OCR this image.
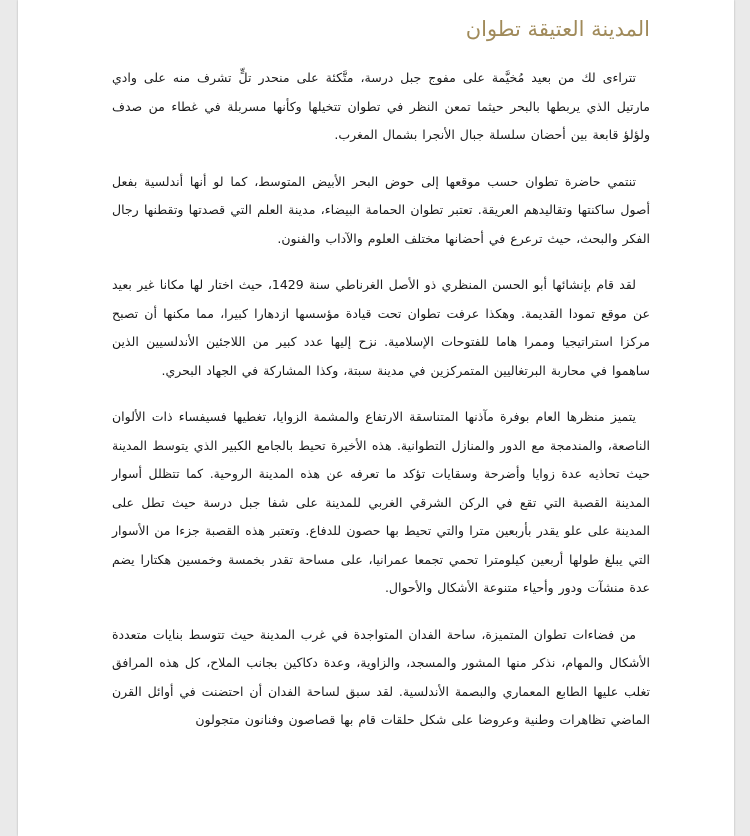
المدينة العتيقة تطوان

تتراءى لك من بعيد مُخيَّمة على مفوج جبل درسة، متَّكئة على منحدر تلٍّ تشرف منه على وادي مارتيل الذي يربطها بالبحر حيثما تمعن النظر في تطوان تتخيلها وكأنها مسربلة في غطاء من صدف ولؤلؤ قابعة بين أحضان سلسلة جبال الأنجرا بشمال المغرب.

تنتمي حاضرة تطوان حسب موقعها إلى حوض البحر الأبيض المتوسط، كما لو أنها أندلسية بفعل أصول ساكنتها وتقاليدهم العريقة. تعتبر تطوان الحمامة البيضاء، مدينة العلم التي قصدتها وتقطنها رجال الفكر والبحث، حيث ترعرع في أحضانها مختلف العلوم والآداب والفنون.

لقد قام بإنشائها أبو الحسن المنظري ذو الأصل الغرناطي سنة 1429، حيث اختار لها مكانا غير بعيد عن موقع تمودا القديمة. وهكذا عرفت تطوان تحت قيادة مؤسسها ازدهارا كبيرا، مما مكنها أن تصبح مركزا استراتيجيا وممرا هاما للفتوحات الإسلامية. نزح إليها عدد كبير من اللاجئين الأندلسيين الذين ساهموا في محاربة البرتغاليين المتمركزين في مدينة سبتة، وكذا المشاركة في الجهاد البحري.

يتميز منظرها العام بوفرة مآذنها المتناسقة الارتفاع والمشمة الزوايا، تغطيها فسيفساء ذات الألوان الناصعة، والمندمجة مع الدور والمنازل التطوانية. هذه الأخيرة تحيط بالجامع الكبير الذي يتوسط المدينة حيث تحاذيه عدة زوايا وأضرحة وسقايات تؤكد ما تعرفه عن هذه المدينة الروحية. كما تتظلل أسوار المدينة القصبة التي تقع في الركن الشرقي الغربي للمدينة على شفا جبل درسة حيث تطل على المدينة على علو يقدر بأربعين مترا والتي تحيط بها حصون للدفاع. وتعتبر هذه القصبة جزءا من الأسوار التي يبلغ طولها أربعين كيلومترا تحمي تجمعا عمرانيا، على مساحة تقدر بخمسة وخمسين هكتارا يضم عدة منشآت ودور وأحياء متنوعة الأشكال والأحوال.

من فضاءات تطوان المتميزة، ساحة الفدان المتواجدة في غرب المدينة حيث تتوسط بنايات متعددة الأشكال والمهام، نذكر منها المشور والمسجد، والزاوية، وعدة دكاكين بجانب الملاح، كل هذه المرافق تغلب عليها الطابع المعماري والبصمة الأندلسية. لقد سبق لساحة الفدان أن احتضنت في أوائل القرن الماضي تظاهرات وطنية وعروضا على شكل حلقات قام بها قصاصون وفنانون متجولون
